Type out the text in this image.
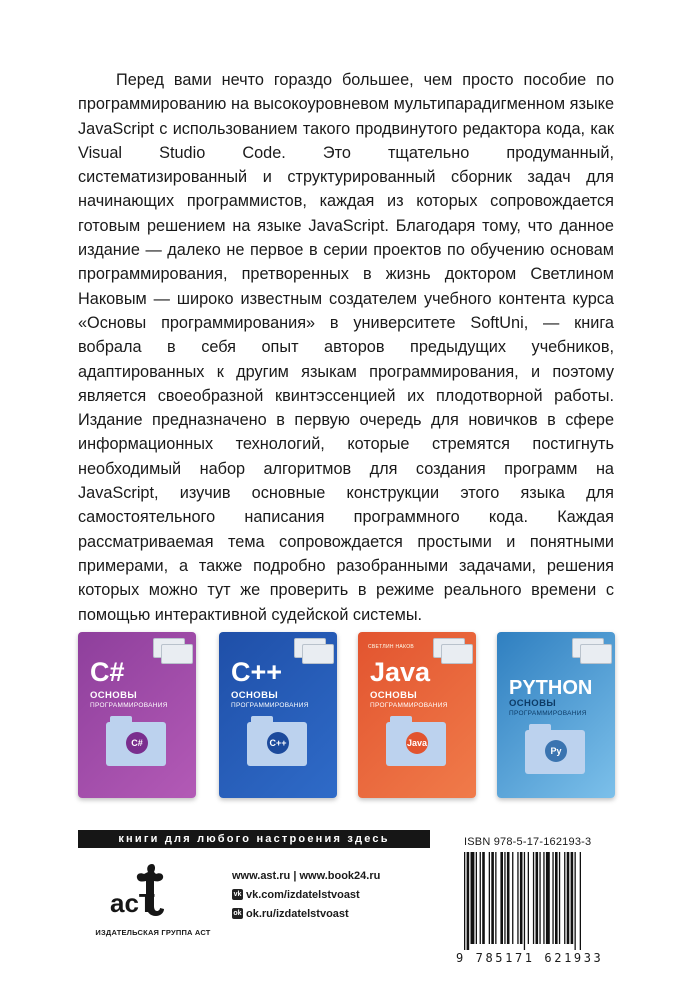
Перед вами нечто гораздо большее, чем просто пособие по программированию на высокоуровневом мультипарадигменном языке JavaScript с использованием такого продвинутого редактора кода, как Visual Studio Code. Это тщательно продуманный, систематизированный и структурированный сборник задач для начинающих программистов, каждая из которых сопровождается готовым решением на языке JavaScript. Благодаря тому, что данное издание — далеко не первое в серии проектов по обучению основам программирования, претворенных в жизнь доктором Светлином Наковым — широко известным создателем учебного контента курса «Основы программирования» в университете SoftUni, — книга вобрала в себя опыт авторов предыдущих учебников, адаптированных к другим языкам программирования, и поэтому является своеобразной квинтэссенцией их плодотворной работы. Издание предназначено в первую очередь для новичков в сфере информационных технологий, которые стремятся постигнуть необходимый набор алгоритмов для создания программ на JavaScript, изучив основные конструкции этого языка для самостоятельного написания программного кода. Каждая рассматриваемая тема сопровождается простыми и понятными примерами, а также подробно разобранными задачами, решения которых можно тут же проверить в режиме реального времени с помощью интерактивной судейской системы.

C#
ОСНОВЫ
ПРОГРАММИРОВАНИЯ
C#
C++
ОСНОВЫ
ПРОГРАММИРОВАНИЯ
C++
СВЕТЛИН НАКОВ
Java
ОСНОВЫ
ПРОГРАММИРОВАНИЯ
Java
PYTHON
ОСНОВЫ
ПРОГРАММИРОВАНИЯ
Py
книги для любого настроения здесь
acT
ИЗДАТЕЛЬСКАЯ ГРУППА АСТ
www.ast.ru | www.book24.ru
vk vk.com/izdatelstvoast
ok ok.ru/izdatelstvoast
ISBN 978-5-17-162193-3
9 785171 621933
